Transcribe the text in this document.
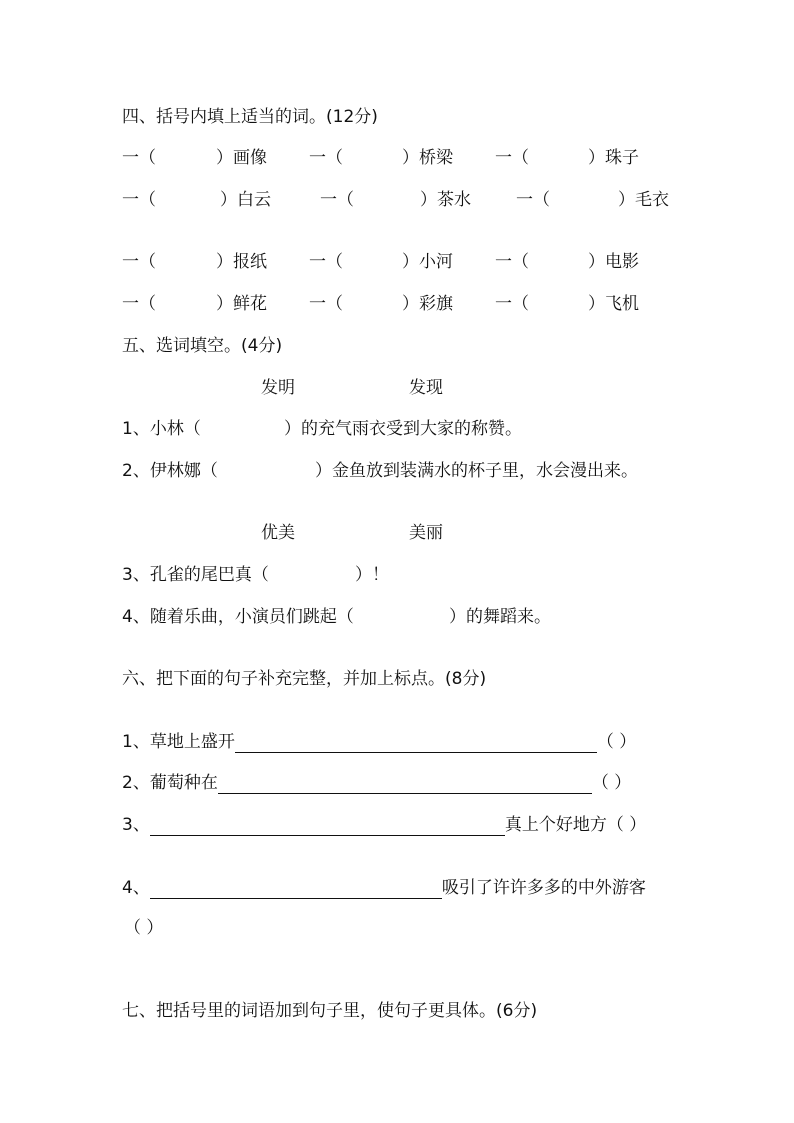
四、括号内填上适当的词。(12分)
一（	）画像 一（	）桥梁 一（	）珠子
一（	）白云	一（	）茶水	一（	）毛衣
一（	）报纸 一（	）小河 一（	）电影
一（	）鲜花 一（	）彩旗 一（	）飞机
五、选词填空。(4分)
发明	发现
1、小林（	）的充气雨衣受到大家的称赞。
2、伊林娜（	）金鱼放到装满水的杯子里，水会漫出来。
优美	美丽
3、孔雀的尾巴真（	）！
4、随着乐曲，小演员们跳起（	）的舞蹈来。
六、把下面的句子补充完整，并加上标点。(8分)
1、草地上盛开	（ ）
2、葡萄种在	（ ）
3、	真上个好地方（ ）
4、	吸引了许许多多的中外游客
（ ）
七、把括号里的词语加到句子里，使句子更具体。(6分)
